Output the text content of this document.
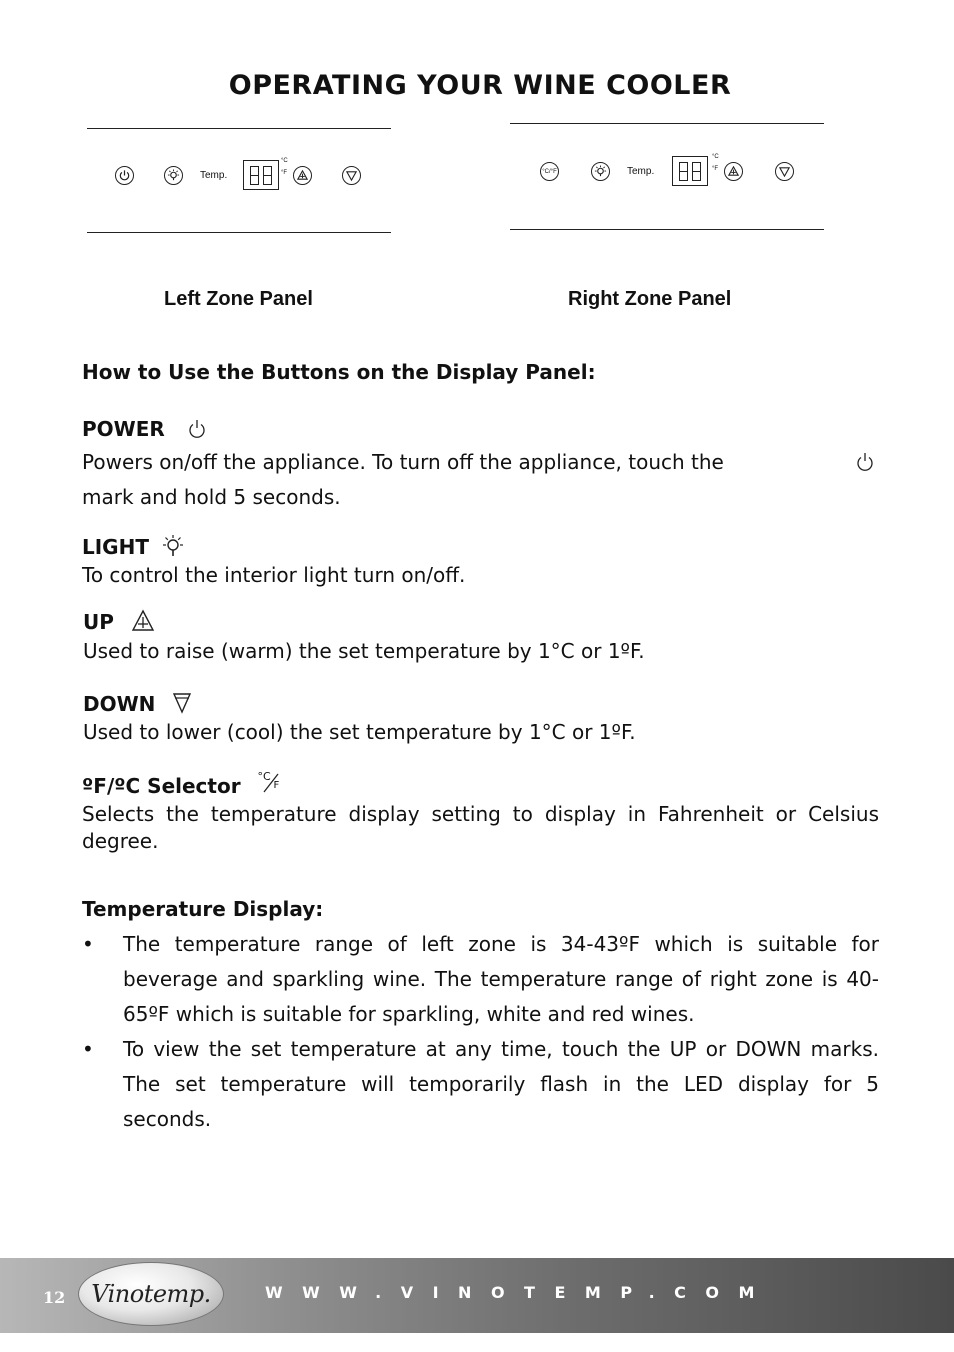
OPERATING YOUR WINE COOLER
Temp.
°C
°F	°C/°F	Temp.
°C
°F
Left Zone Panel	Right Zone Panel
How to Use the Buttons on the Display Panel:
POWER
Powers on/off the appliance. To turn off the appliance, touch the
mark and hold 5 seconds.
LIGHT
To control the interior light turn on/off.
UP
Used to raise (warm) the set temperature by 1°C or 1ºF.
DOWN
Used to lower (cool) the set temperature by 1°C or 1ºF.
ºF/ºC Selector °C
F
Selects the temperature display setting to display in Fahrenheit or Celsius degree.
Temperature Display:
• The temperature range of left zone is 34-43ºF which is suitable for beverage and sparkling wine. The temperature range of right zone is 40-65ºF which is suitable for sparkling, white and red wines.
• To view the set temperature at any time, touch the UP or DOWN marks. The set temperature will temporarily flash in the LED display for 5 seconds.
12 Vinotemp.	WWW.VINOTEMP.COM
